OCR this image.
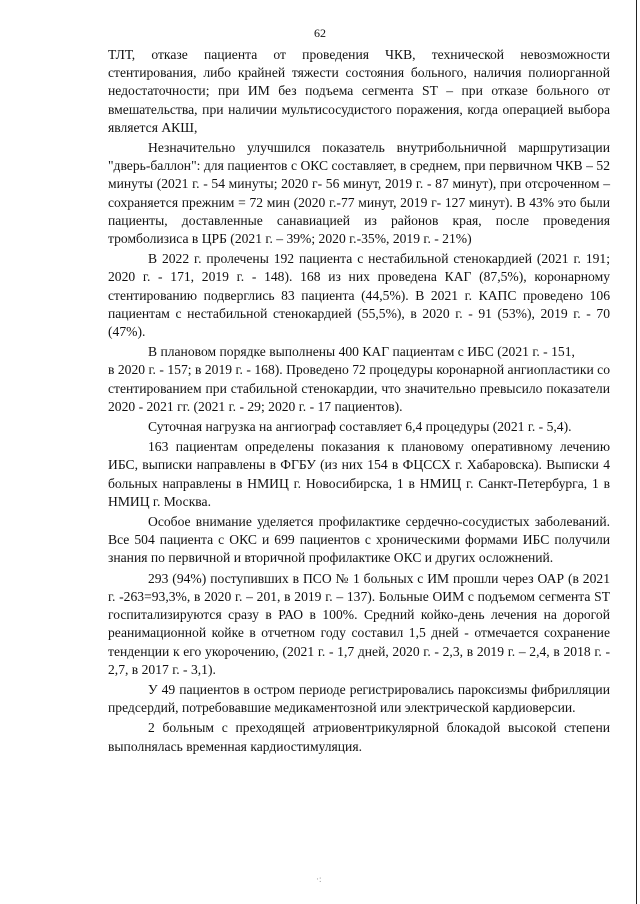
62

ТЛТ, отказе пациента от проведения ЧКВ, технической невозможности стентирования, либо крайней тяжести состояния больного, наличия полиорганной недостаточности; при ИМ без подъема сегмента ST – при отказе больного от вмешательства, при наличии мультисосудистого поражения, когда операцией выбора является АКШ,

Незначительно улучшился показатель внутрибольничной маршрутизации "дверь-баллон": для пациентов с ОКС составляет, в среднем, при первичном ЧКВ – 52 минуты (2021 г. - 54 минуты; 2020 г- 56 минут, 2019 г. - 87 минут), при отсроченном – сохраняется прежним = 72 мин (2020 г.-77 минут, 2019 г- 127 минут). В 43% это были пациенты, доставленные санавиацией из районов края, после проведения тромболизиса в ЦРБ (2021 г. – 39%; 2020 г.-35%, 2019 г. - 21%)

В 2022 г. пролечены 192 пациента с нестабильной стенокардией (2021 г. 191; 2020 г. - 171, 2019 г. - 148). 168 из них проведена КАГ (87,5%), коронарному стентированию подверглись 83 пациента (44,5%). В 2021 г. КАПС проведено 106 пациентам с нестабильной стенокардией (55,5%), в 2020 г. - 91 (53%), 2019 г. - 70 (47%).

В плановом порядке выполнены 400 КАГ пациентам с ИБС (2021 г. - 151,

в 2020 г. - 157; в 2019 г. - 168). Проведено 72 процедуры коронарной ангиопластики со стентированием при стабильной стенокардии, что значительно превысило показатели 2020 - 2021 гг. (2021 г. - 29; 2020 г. - 17 пациентов).

Суточная нагрузка на ангиограф составляет 6,4 процедуры (2021 г. - 5,4).

163 пациентам определены показания к плановому оперативному лечению ИБС, выписки направлены в ФГБУ (из них 154 в ФЦССХ г. Хабаровска). Выписки 4 больных направлены в НМИЦ г. Новосибирска, 1 в НМИЦ г. Санкт-Петербурга, 1 в НМИЦ г. Москва.

Особое внимание уделяется профилактике сердечно-сосудистых заболеваний. Все 504 пациента с ОКС и 699 пациентов с хроническими формами ИБС получили знания по первичной и вторичной профилактике ОКС и других осложнений.

293 (94%) поступивших в ПСО № 1 больных с ИМ прошли через ОАР (в 2021 г. -263=93,3%, в 2020 г. – 201, в 2019 г. – 137). Больные ОИМ с подъемом сегмента ST госпитализируются сразу в РАО в 100%. Средний койко-день лечения на дорогой реанимационной койке в отчетном году составил 1,5 дней - отмечается сохранение тенденции к его укорочению, (2021 г. - 1,7 дней, 2020 г. - 2,3, в 2019 г. – 2,4, в 2018 г. - 2,7, в 2017 г. - 3,1).

У 49 пациентов в остром периоде регистрировались пароксизмы фибрилляции предсердий, потребовавшие медикаментозной или электрической кардиоверсии.

2 больным с преходящей атриовентрикулярной блокадой высокой степени выполнялась временная кардиостимуляция.

·:
